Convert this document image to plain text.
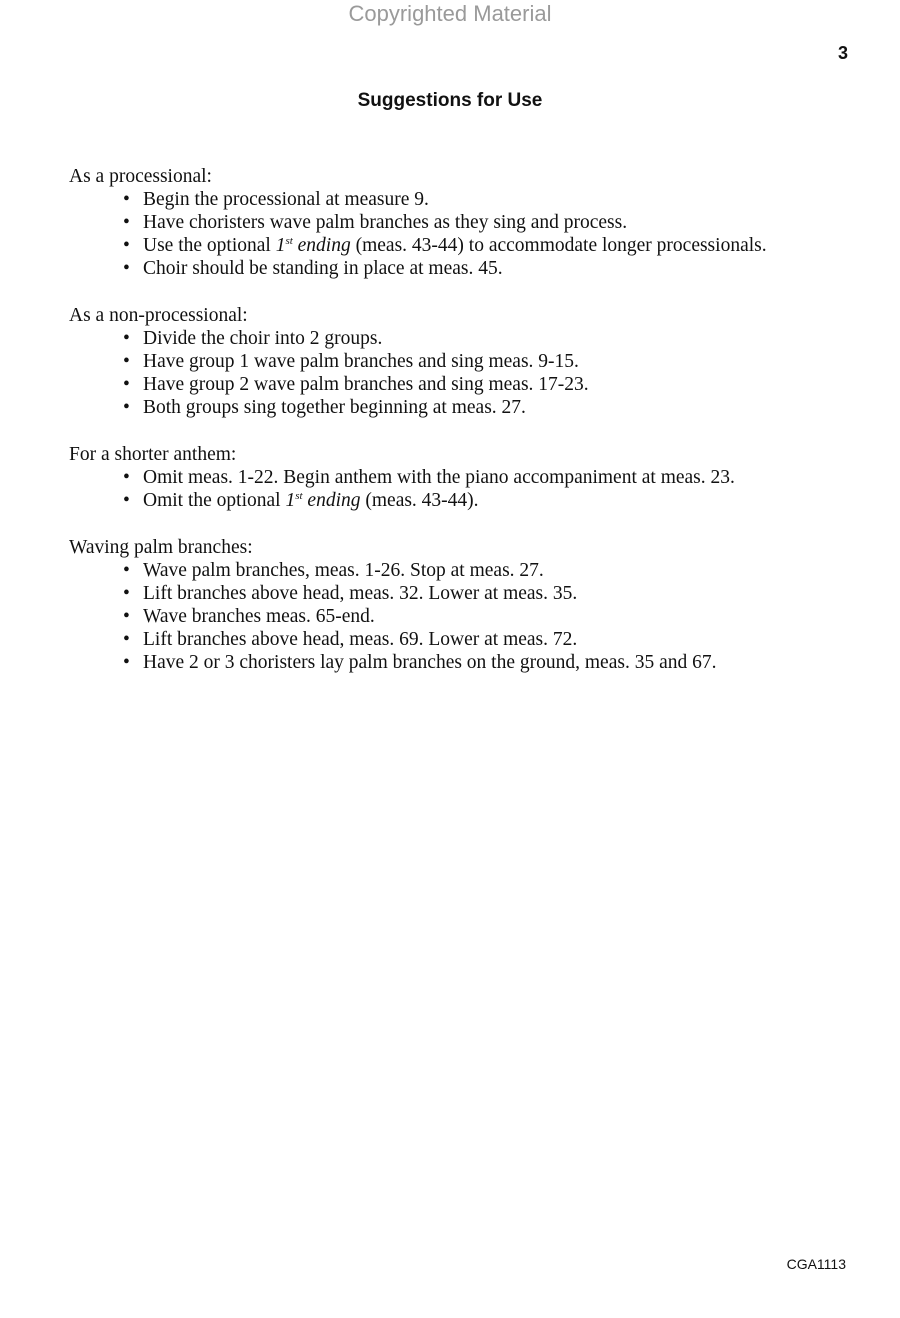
Copyrighted Material
3
Suggestions for Use
As a processional:
• Begin the processional at measure 9.
• Have choristers wave palm branches as they sing and process.
• Use the optional 1st ending (meas. 43-44) to accommodate longer processionals.
• Choir should be standing in place at meas. 45.
As a non-processional:
• Divide the choir into 2 groups.
• Have group 1 wave palm branches and sing meas. 9-15.
• Have group 2 wave palm branches and sing meas. 17-23.
• Both groups sing together beginning at meas. 27.
For a shorter anthem:
• Omit meas. 1-22. Begin anthem with the piano accompaniment at meas. 23.
• Omit the optional 1st ending (meas. 43-44).
Waving palm branches:
• Wave palm branches, meas. 1-26. Stop at meas. 27.
• Lift branches above head, meas. 32. Lower at meas. 35.
• Wave branches meas. 65-end.
• Lift branches above head, meas. 69. Lower at meas. 72.
• Have 2 or 3 choristers lay palm branches on the ground, meas. 35 and 67.
CGA1113
